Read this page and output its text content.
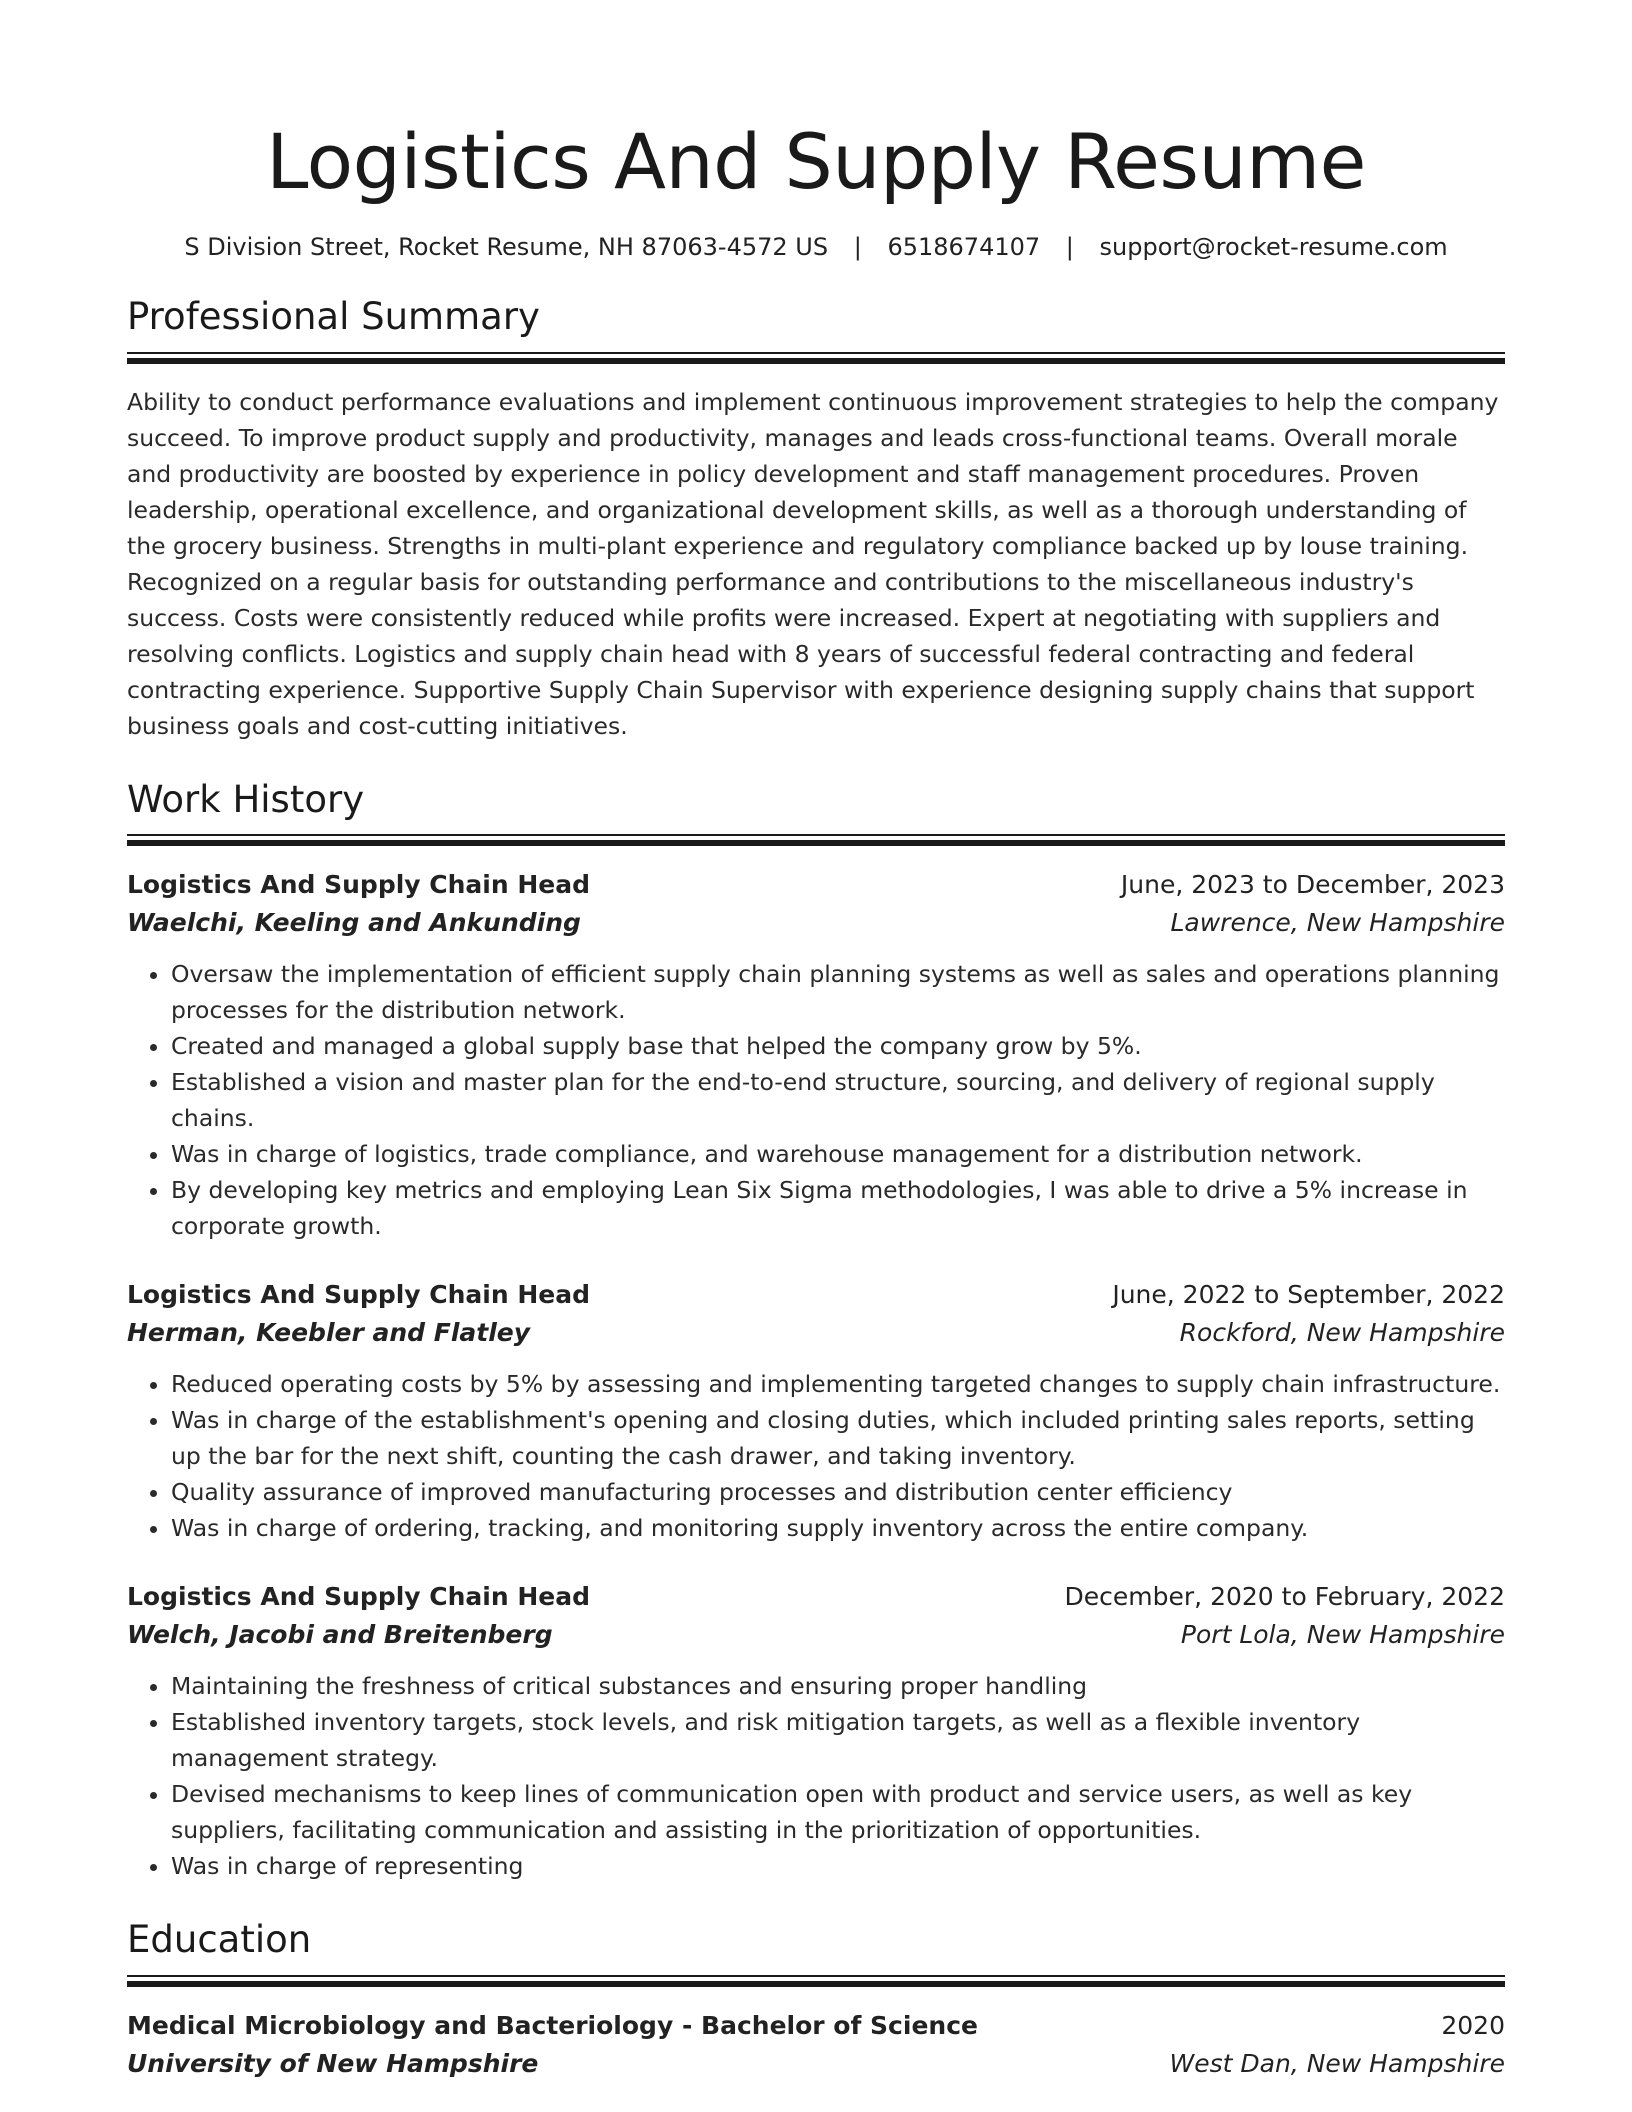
Logistics And Supply Resume
S Division Street, Rocket Resume, NH 87063-4572 US | 6518674107 | support@rocket-resume.com
Professional Summary
Ability to conduct performance evaluations and implement continuous improvement strategies to help the company succeed. To improve product supply and productivity, manages and leads cross-functional teams. Overall morale and productivity are boosted by experience in policy development and staff management procedures. Proven leadership, operational excellence, and organizational development skills, as well as a thorough understanding of the grocery business. Strengths in multi-plant experience and regulatory compliance backed up by louse training. Recognized on a regular basis for outstanding performance and contributions to the miscellaneous industry's success. Costs were consistently reduced while profits were increased. Expert at negotiating with suppliers and resolving conflicts. Logistics and supply chain head with 8 years of successful federal contracting and federal contracting experience. Supportive Supply Chain Supervisor with experience designing supply chains that support business goals and cost-cutting initiatives.
Work History
Logistics And Supply Chain Head	June, 2023 to December, 2023
Waelchi, Keeling and Ankunding	Lawrence, New Hampshire
• Oversaw the implementation of efficient supply chain planning systems as well as sales and operations planning processes for the distribution network.
• Created and managed a global supply base that helped the company grow by 5%.
• Established a vision and master plan for the end-to-end structure, sourcing, and delivery of regional supply chains.
• Was in charge of logistics, trade compliance, and warehouse management for a distribution network.
• By developing key metrics and employing Lean Six Sigma methodologies, I was able to drive a 5% increase in corporate growth.
Logistics And Supply Chain Head	June, 2022 to September, 2022
Herman, Keebler and Flatley	Rockford, New Hampshire
• Reduced operating costs by 5% by assessing and implementing targeted changes to supply chain infrastructure.
• Was in charge of the establishment's opening and closing duties, which included printing sales reports, setting up the bar for the next shift, counting the cash drawer, and taking inventory.
• Quality assurance of improved manufacturing processes and distribution center efficiency
• Was in charge of ordering, tracking, and monitoring supply inventory across the entire company.
Logistics And Supply Chain Head	December, 2020 to February, 2022
Welch, Jacobi and Breitenberg	Port Lola, New Hampshire
• Maintaining the freshness of critical substances and ensuring proper handling
• Established inventory targets, stock levels, and risk mitigation targets, as well as a flexible inventory management strategy.
• Devised mechanisms to keep lines of communication open with product and service users, as well as key suppliers, facilitating communication and assisting in the prioritization of opportunities.
• Was in charge of representing
Education
Medical Microbiology and Bacteriology - Bachelor of Science	2020
University of New Hampshire	West Dan, New Hampshire
